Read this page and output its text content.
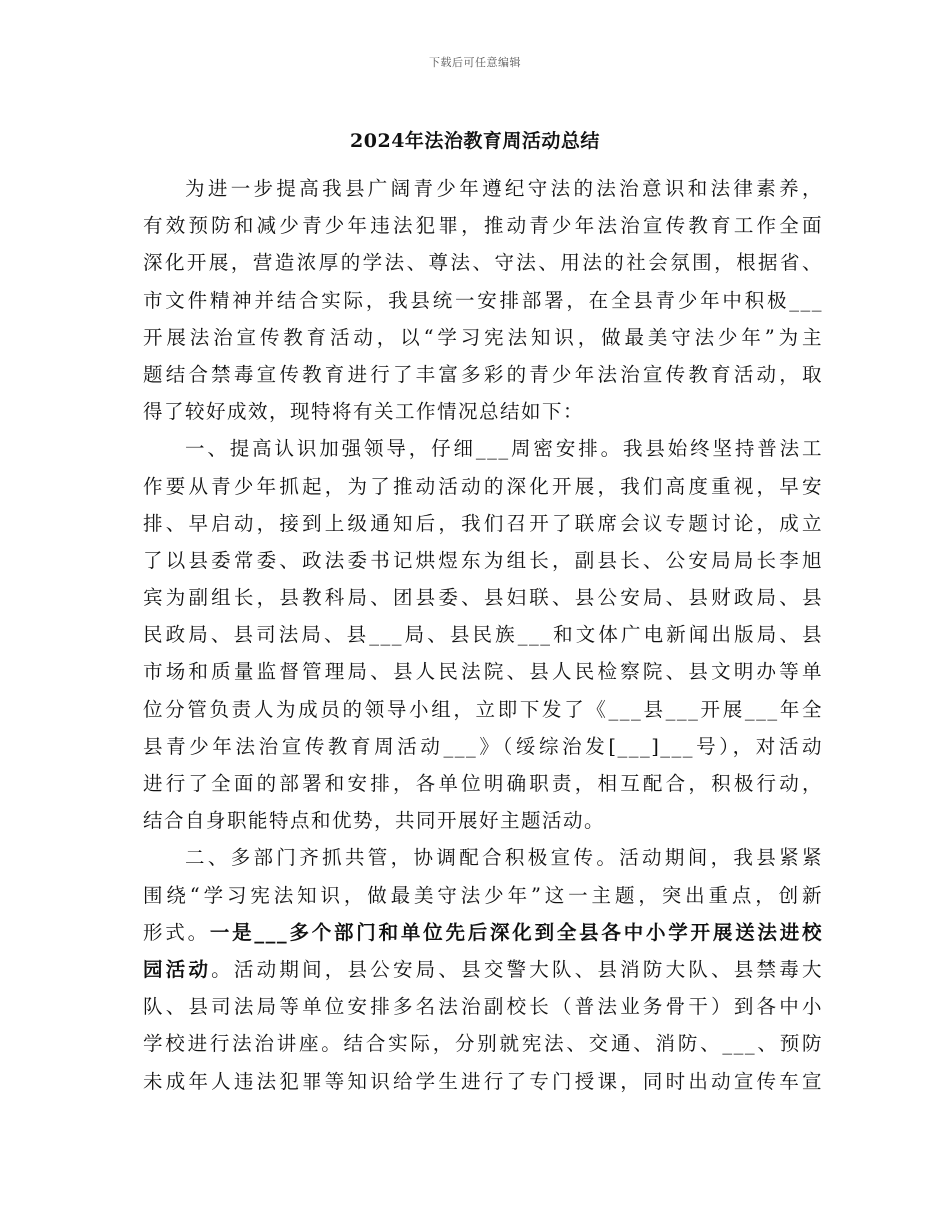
下载后可任意编辑
2024年法治教育周活动总结
为进一步提高我县广阔青少年遵纪守法的法治意识和法律素养，
有效预防和减少青少年违法犯罪，推动青少年法治宣传教育工作全面
深化开展，营造浓厚的学法、尊法、守法、用法的社会氛围，根据省、
市文件精神并结合实际，我县统一安排部署，在全县青少年中积极___
开展法治宣传教育活动，以“学习宪法知识，做最美守法少年”为主
题结合禁毒宣传教育进行了丰富多彩的青少年法治宣传教育活动，取
得了较好成效，现特将有关工作情况总结如下：
一、提高认识加强领导，仔细___周密安排。我县始终坚持普法工
作要从青少年抓起，为了推动活动的深化开展，我们高度重视，早安
排、早启动，接到上级通知后，我们召开了联席会议专题讨论，成立
了以县委常委、政法委书记烘煜东为组长，副县长、公安局局长李旭
宾为副组长，县教科局、团县委、县妇联、县公安局、县财政局、县
民政局、县司法局、县___局、县民族___和文体广电新闻出版局、县
市场和质量监督管理局、县人民法院、县人民检察院、县文明办等单
位分管负责人为成员的领导小组，立即下发了《___县___开展___年全
县青少年法治宣传教育周活动___》（绥综治发[___]___号），对活动
进行了全面的部署和安排，各单位明确职责，相互配合，积极行动，
结合自身职能特点和优势，共同开展好主题活动。
二、多部门齐抓共管，协调配合积极宣传。活动期间，我县紧紧
围绕“学习宪法知识，做最美守法少年”这一主题，突出重点，创新
形式。一是___多个部门和单位先后深化到全县各中小学开展送法进校
园活动。活动期间，县公安局、县交警大队、县消防大队、县禁毒大
队、县司法局等单位安排多名法治副校长（普法业务骨干）到各中小
学校进行法治讲座。结合实际，分别就宪法、交通、消防、___、预防
未成年人违法犯罪等知识给学生进行了专门授课，同时出动宣传车宣
